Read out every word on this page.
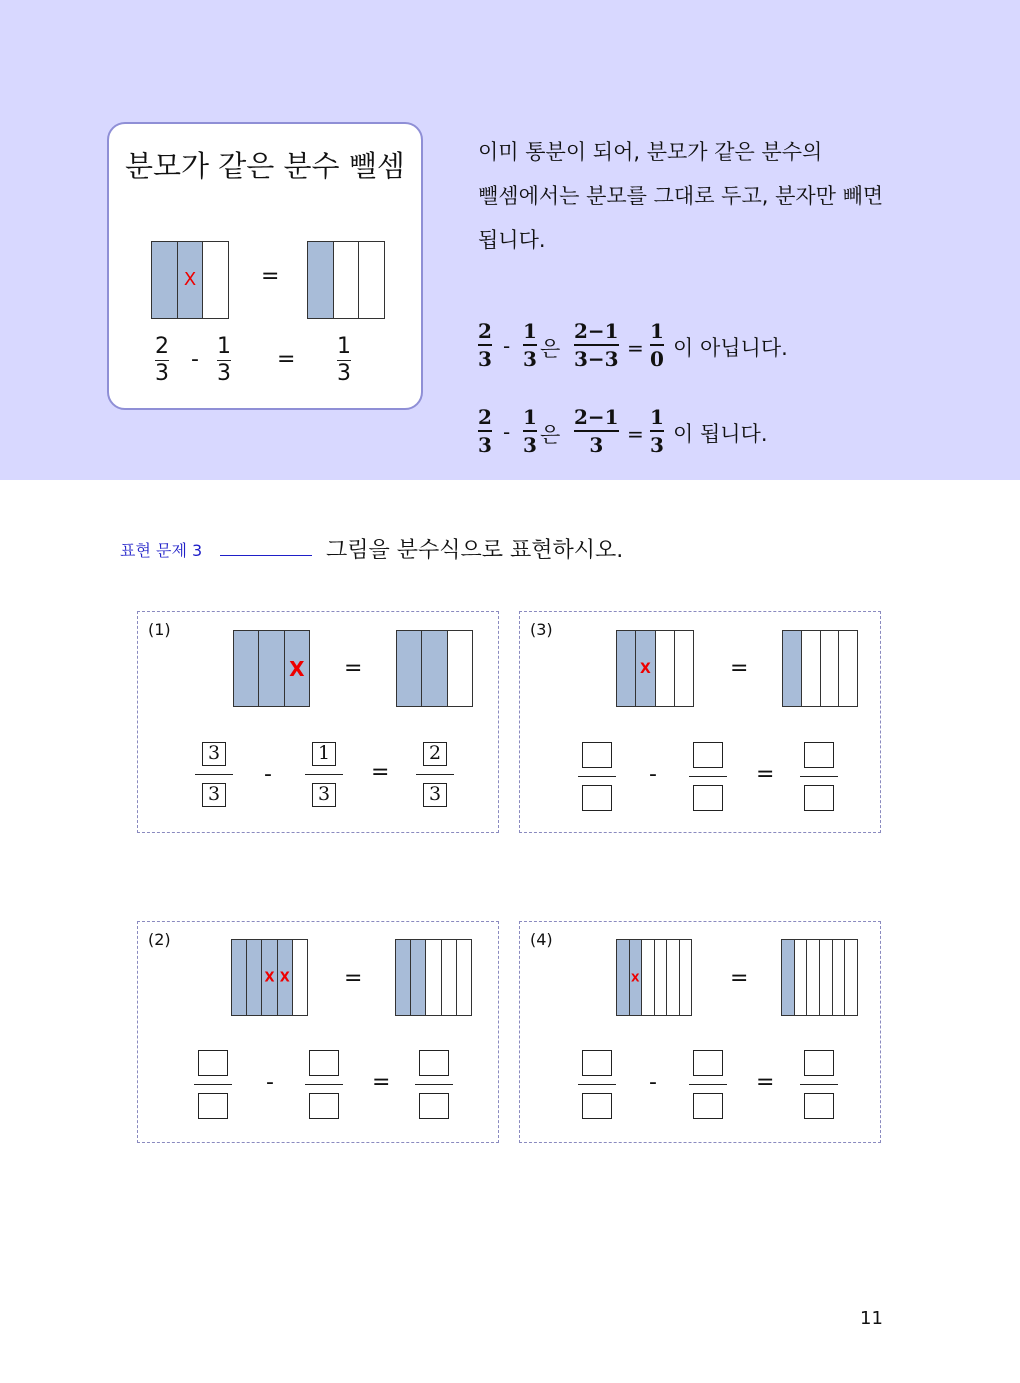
분모가 같은 분수 뺄셈
X	=
2
3
-
1
3
=
1
3
이미 통분이 되어, 분모가 같은 분수의
뺄셈에서는 분모를 그대로 두고, 분자만 빼면
됩니다.
2
3
-
1
3 은
2−1
3−3 =
1
0 이 아닙니다.
2
3
-
1
3 은
2−1
3 =
1
3 이 됩니다.
표현 문제 3	그림을 분수식으로 표현하시오.
(1)
X =
$\frac{3}{3} - \frac{1}{3} = \frac{2}{3}$
(3)
X	=
-	=
(2)
X X =
-	=
(4)
X	=
-	=
11
